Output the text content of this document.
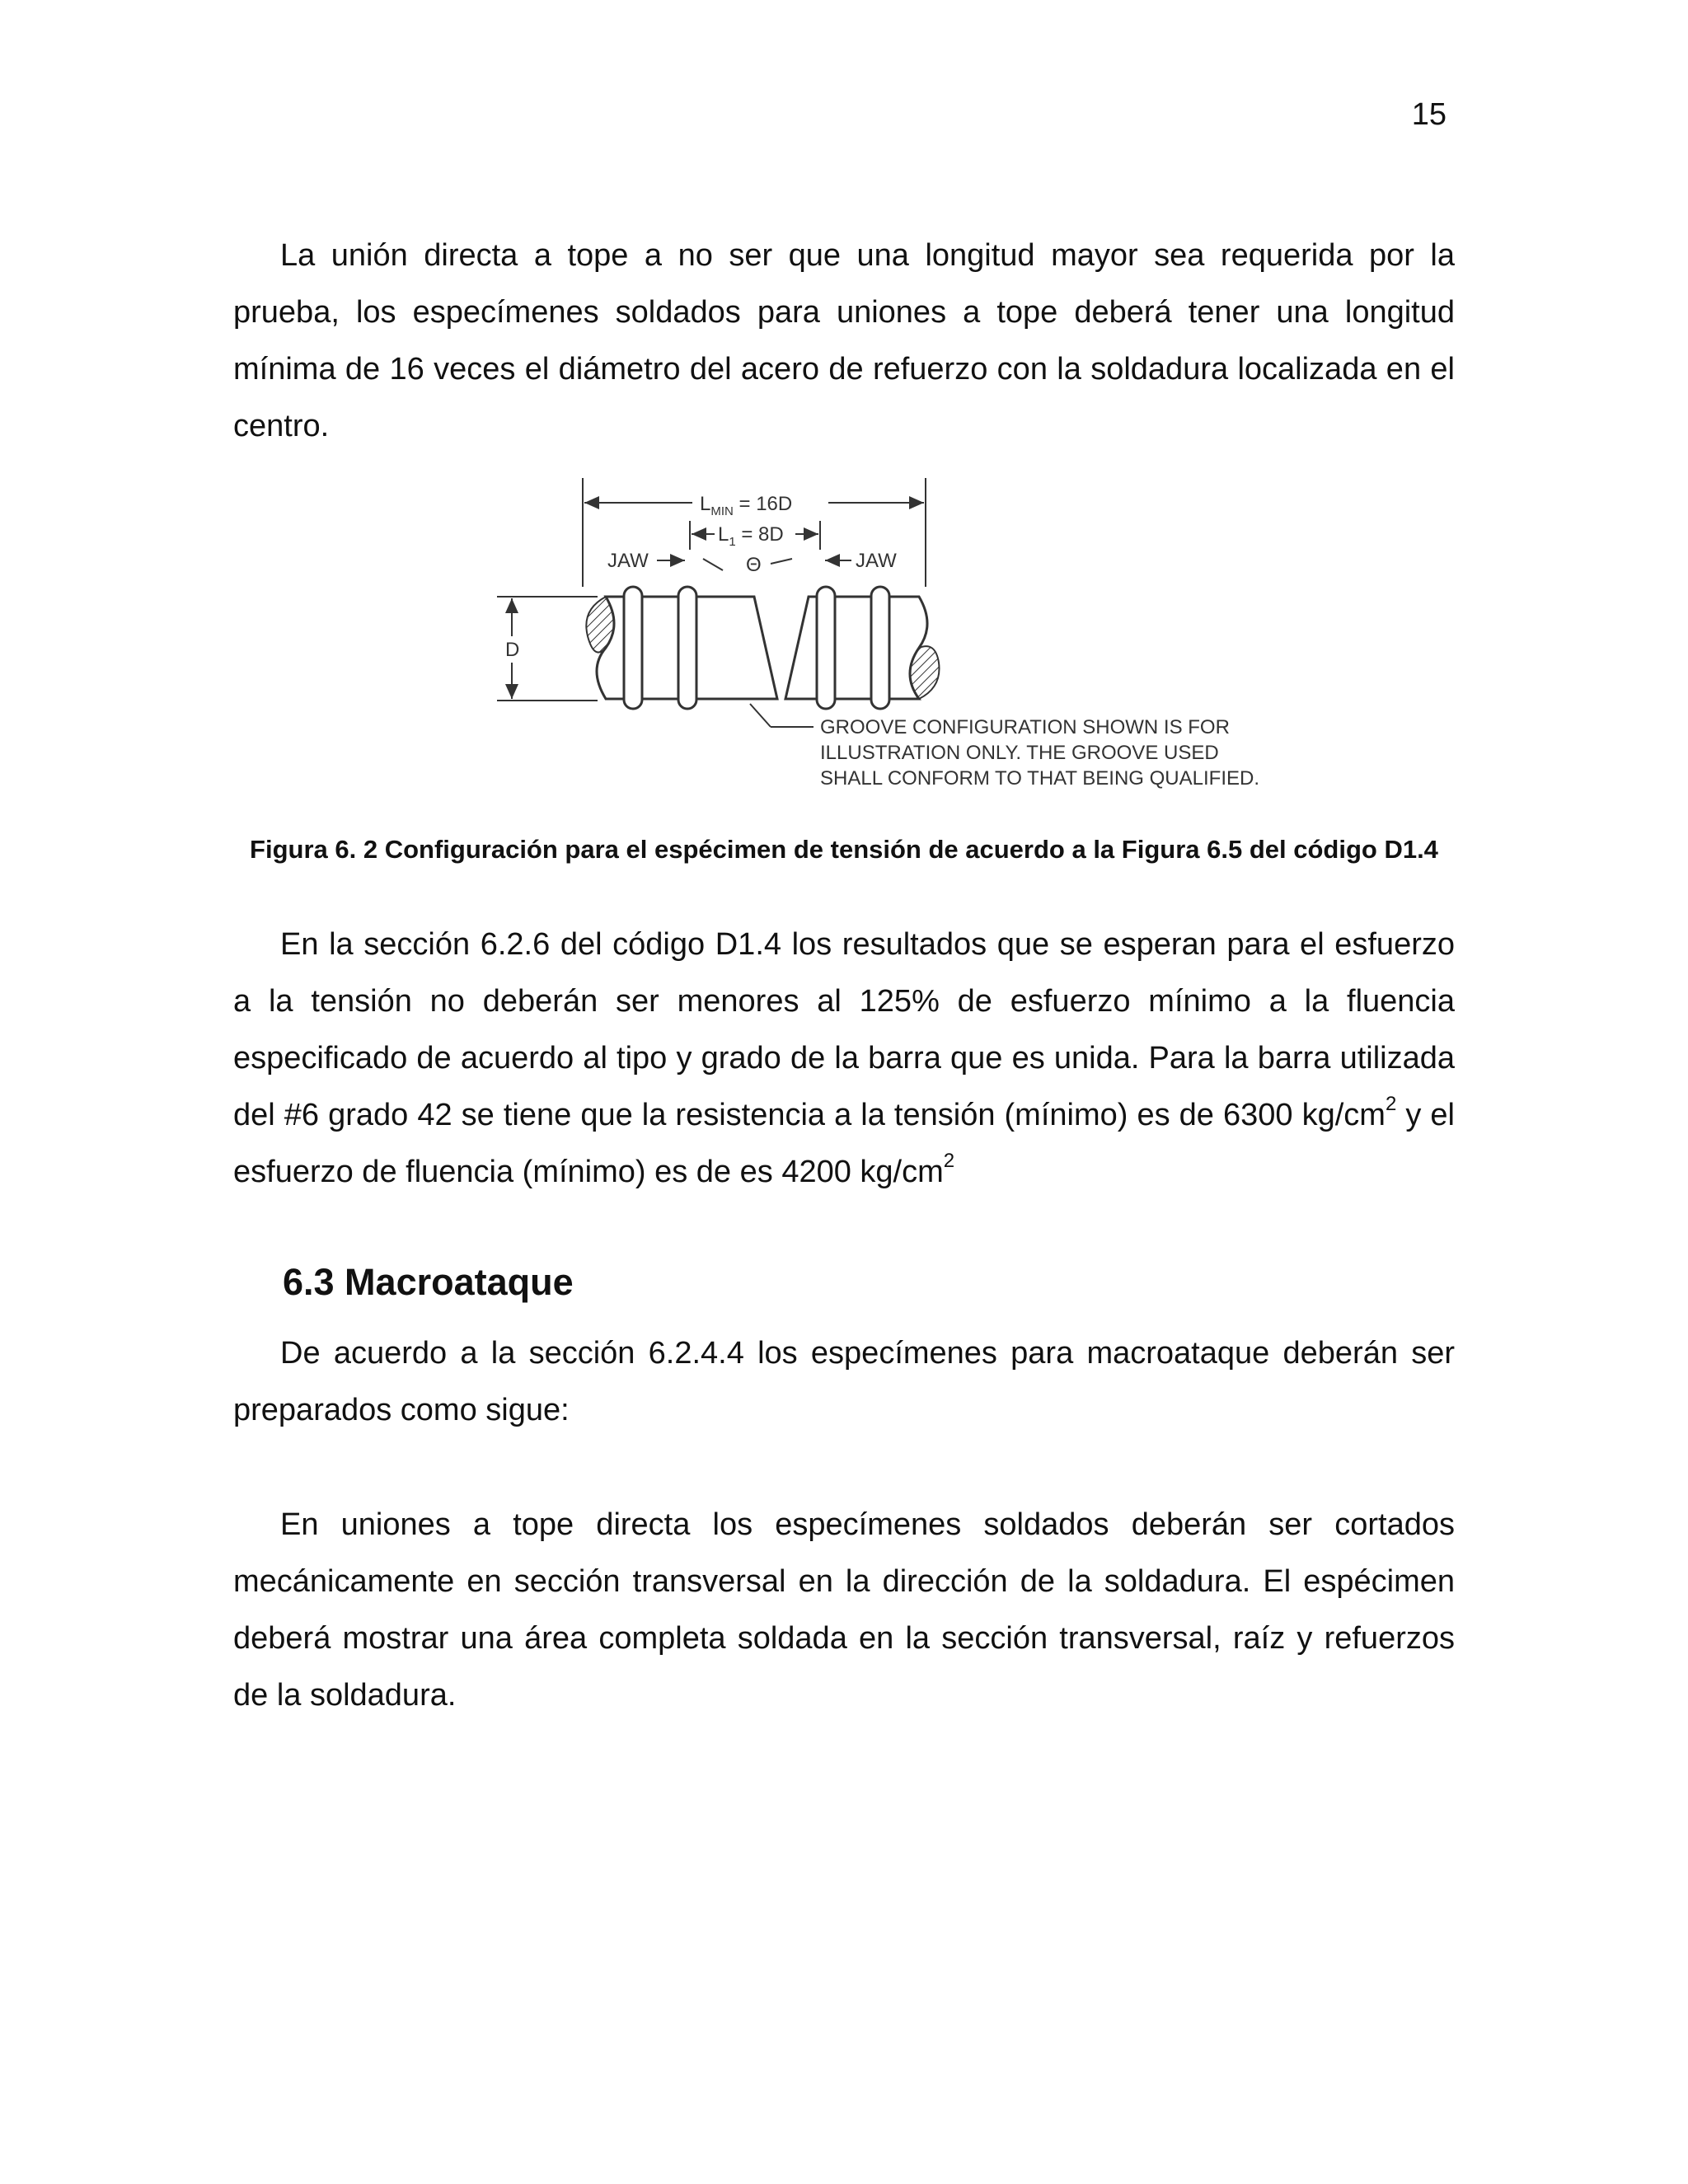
15

La unión directa a tope a no ser que una longitud mayor sea requerida por la prueba, los especímenes soldados para uniones a tope deberá tener una longitud mínima de 16 veces el diámetro del acero de refuerzo con la soldadura localizada en el centro.

$L_{MIN} = 16D$
$L_1 = 8D$
JAW	JAW
Θ
D
GROOVE CONFIGURATION SHOWN IS FOR
ILLUSTRATION ONLY. THE GROOVE USED
SHALL CONFORM TO THAT BEING QUALIFIED.

Figura 6. 2 Configuración para el espécimen de tensión de acuerdo a la Figura 6.5 del código D1.4

En la sección 6.2.6 del código D1.4 los resultados que se esperan para el esfuerzo a la tensión no deberán ser menores al 125% de esfuerzo mínimo a la fluencia especificado de acuerdo al tipo y grado de la barra que es unida. Para la barra utilizada del #6 grado 42 se tiene que la resistencia a la tensión (mínimo) es de 6300 $kg/cm^2$ y el esfuerzo de fluencia (mínimo) es de es 4200 $kg/cm^2$

6.3 Macroataque

De acuerdo a la sección 6.2.4.4 los especímenes para macroataque deberán ser preparados como sigue:

En uniones a tope directa los especímenes soldados deberán ser cortados mecánicamente en sección transversal en la dirección de la soldadura. El espécimen deberá mostrar una área completa soldada en la sección transversal, raíz y refuerzos de la soldadura.
